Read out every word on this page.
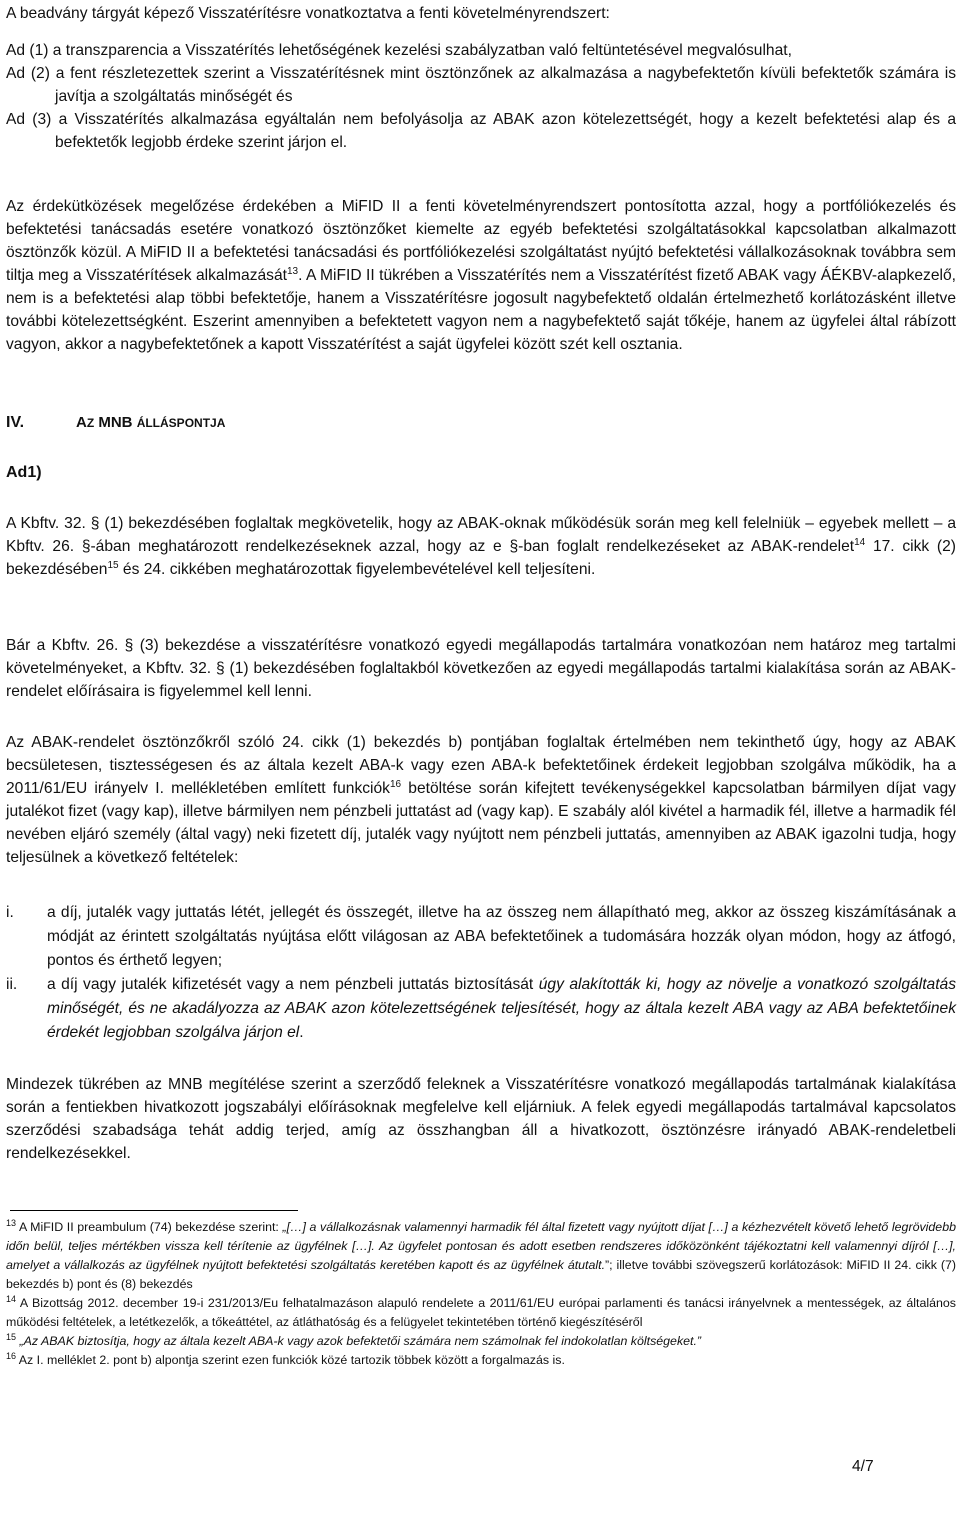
A beadvány tárgyát képező Visszatérítésre vonatkoztatva a fenti követelményrendszert:

Ad (1) a transzparencia a Visszatérítés lehetőségének kezelési szabályzatban való feltüntetésével megvalósulhat,

Ad (2) a fent részletezettek szerint a Visszatérítésnek mint ösztönzőnek az alkalmazása a nagybefektetőn kívüli befektetők számára is javítja a szolgáltatás minőségét és

Ad (3) a Visszatérítés alkalmazása egyáltalán nem befolyásolja az ABAK azon kötelezettségét, hogy a kezelt befektetési alap és a befektetők legjobb érdeke szerint járjon el.

Az érdekütközések megelőzése érdekében a MiFID II a fenti követelményrendszert pontosította azzal, hogy a portfóliókezelés és befektetési tanácsadás esetére vonatkozó ösztönzőket kiemelte az egyéb befektetési szolgáltatásokkal kapcsolatban alkalmazott ösztönzők közül. A MiFID II a befektetési tanácsadási és portfóliókezelési szolgáltatást nyújtó befektetési vállalkozásoknak továbbra sem tiltja meg a Visszatérítések alkalmazását$^{13}$. A MiFID II tükrében a Visszatérítés nem a Visszatérítést fizető ABAK vagy ÁÉKBV-alapkezelő, nem is a befektetési alap többi befektetője, hanem a Visszatérítésre jogosult nagybefektető oldalán értelmezhető korlátozásként illetve további kötelezettségként. Eszerint amennyiben a befektetett vagyon nem a nagybefektető saját tőkéje, hanem az ügyfelei által rábízott vagyon, akkor a nagybefektetőnek a kapott Visszatérítést a saját ügyfelei között szét kell osztania.

IV.	AZ MNB ÁLLÁSPONTJA
Ad1)

A Kbftv. 32. § (1) bekezdésében foglaltak megkövetelik, hogy az ABAK-oknak működésük során meg kell felelniük – egyebek mellett – a Kbftv. 26. §-ában meghatározott rendelkezéseknek azzal, hogy az e §-ban foglalt rendelkezéseket az ABAK-rendelet$^{14}$ 17. cikk (2) bekezdésében$^{15}$ és 24. cikkében meghatározottak figyelembevételével kell teljesíteni.

Bár a Kbftv. 26. § (3) bekezdése a visszatérítésre vonatkozó egyedi megállapodás tartalmára vonatkozóan nem határoz meg tartalmi követelményeket, a Kbftv. 32. § (1) bekezdésében foglaltakból következően az egyedi megállapodás tartalmi kialakítása során az ABAK-rendelet előírásaira is figyelemmel kell lenni.

Az ABAK-rendelet ösztönzőkről szóló 24. cikk (1) bekezdés b) pontjában foglaltak értelmében nem tekinthető úgy, hogy az ABAK becsületesen, tisztességesen és az általa kezelt ABA-k vagy ezen ABA-k befektetőinek érdekeit legjobban szolgálva működik, ha a 2011/61/EU irányelv I. mellékletében említett funkciók$^{16}$ betöltése során kifejtett tevékenységekkel kapcsolatban bármilyen díjat vagy jutalékot fizet (vagy kap), illetve bármilyen nem pénzbeli juttatást ad (vagy kap). E szabály alól kivétel a harmadik fél, illetve a harmadik fél nevében eljáró személy (által vagy) neki fizetett díj, jutalék vagy nyújtott nem pénzbeli juttatás, amennyiben az ABAK igazolni tudja, hogy teljesülnek a következő feltételek:

i.	a díj, jutalék vagy juttatás létét, jellegét és összegét, illetve ha az összeg nem állapítható meg, akkor az összeg kiszámításának a módját az érintett szolgáltatás nyújtása előtt világosan az ABA befektetőinek a tudomására hozzák olyan módon, hogy az átfogó, pontos és érthető legyen;
ii.	a díj vagy jutalék kifizetését vagy a nem pénzbeli juttatás biztosítását úgy alakították ki, hogy az növelje a vonatkozó szolgáltatás minőségét, és ne akadályozza az ABAK azon kötelezettségének teljesítését, hogy az általa kezelt ABA vagy az ABA befektetőinek érdekét legjobban szolgálva járjon el.

Mindezek tükrében az MNB megítélése szerint a szerződő feleknek a Visszatérítésre vonatkozó megállapodás tartalmának kialakítása során a fentiekben hivatkozott jogszabályi előírásoknak megfelelve kell eljárniuk. A felek egyedi megállapodás tartalmával kapcsolatos szerződési szabadsága tehát addig terjed, amíg az összhangban áll a hivatkozott, ösztönzésre irányadó ABAK-rendeletbeli rendelkezésekkel.

$^{13}$ A MiFID II preambulum (74) bekezdése szerint: „[…] a vállalkozásnak valamennyi harmadik fél által fizetett vagy nyújtott díjat […] a kézhezvételt követő lehető legrövidebb időn belül, teljes mértékben vissza kell térítenie az ügyfélnek […]. Az ügyfelet pontosan és adott esetben rendszeres időközönként tájékoztatni kell valamennyi díjról […], amelyet a vállalkozás az ügyfélnek nyújtott befektetési szolgáltatás keretében kapott és az ügyfélnek átutalt.”; illetve további szövegszerű korlátozások: MiFID II 24. cikk (7) bekezdés b) pont és (8) bekezdés

$^{14}$ A Bizottság 2012. december 19-i 231/2013/Eu felhatalmazáson alapuló rendelete a 2011/61/EU európai parlamenti és tanácsi irányelvnek a mentességek, az általános működési feltételek, a letétkezelők, a tőkeáttétel, az átláthatóság és a felügyelet tekintetében történő kiegészítéséről

$^{15}$ „Az ABAK biztosítja, hogy az általa kezelt ABA-k vagy azok befektetői számára nem számolnak fel indokolatlan költségeket.”

$^{16}$ Az I. melléklet 2. pont b) alpontja szerint ezen funkciók közé tartozik többek között a forgalmazás is.

4/7
